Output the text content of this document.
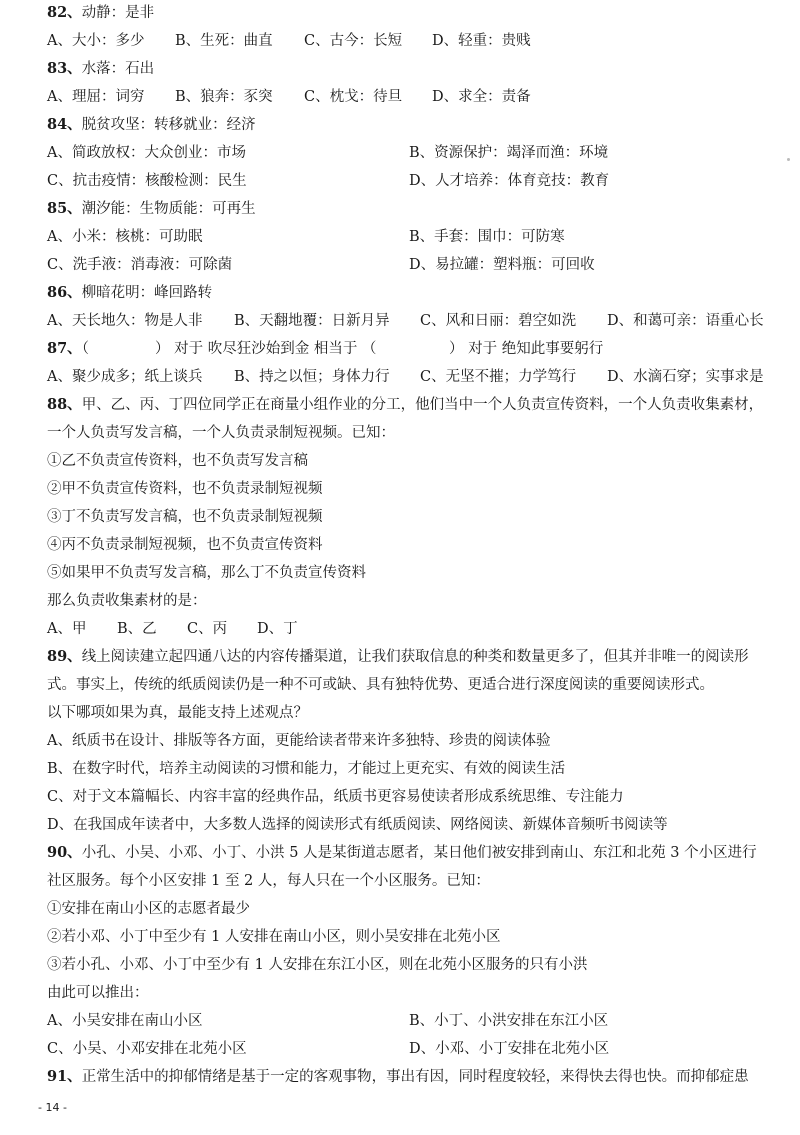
82、动静：是非
A、大小：多少 B、生死：曲直 C、古今：长短 D、轻重：贵贱
83、水落：石出
A、理屈：词穷 B、狼奔：豕突 C、枕戈：待旦 D、求全：责备
84、脱贫攻坚：转移就业：经济
A、简政放权：大众创业：市场	B、资源保护：竭泽而渔：环境
C、抗击疫情：核酸检测：民生	D、人才培养：体育竞技：教育
85、潮汐能：生物质能：可再生
A、小米：核桃：可助眠	B、手套：围巾：可防寒
C、洗手液：消毒液：可除菌	D、易拉罐：塑料瓶：可回收
86、柳暗花明：峰回路转
A、天长地久：物是人非 B、天翻地覆：日新月异 C、风和日丽：碧空如洗 D、和蔼可亲：语重心长
87、（	） 对于 吹尽狂沙始到金 相当于 （	） 对于 绝知此事要躬行
A、聚少成多；纸上谈兵 B、持之以恒；身体力行 C、无坚不摧；力学笃行 D、水滴石穿；实事求是
88、甲、乙、丙、丁四位同学正在商量小组作业的分工，他们当中一个人负责宣传资料，一个人负责收集素材，
一个人负责写发言稿，一个人负责录制短视频。已知：
①乙不负责宣传资料，也不负责写发言稿
②甲不负责宣传资料，也不负责录制短视频
③丁不负责写发言稿，也不负责录制短视频
④丙不负责录制短视频，也不负责宣传资料
⑤如果甲不负责写发言稿，那么丁不负责宣传资料
那么负责收集素材的是：
A、甲 B、乙 C、丙 D、丁
89、线上阅读建立起四通八达的内容传播渠道，让我们获取信息的种类和数量更多了，但其并非唯一的阅读形
式。事实上，传统的纸质阅读仍是一种不可或缺、具有独特优势、更适合进行深度阅读的重要阅读形式。
以下哪项如果为真，最能支持上述观点？
A、纸质书在设计、排版等各方面，更能给读者带来许多独特、珍贵的阅读体验
B、在数字时代，培养主动阅读的习惯和能力，才能过上更充实、有效的阅读生活
C、对于文本篇幅长、内容丰富的经典作品，纸质书更容易使读者形成系统思维、专注能力
D、在我国成年读者中，大多数人选择的阅读形式有纸质阅读、网络阅读、新媒体音频听书阅读等
90、小孔、小吴、小邓、小丁、小洪 5 人是某街道志愿者，某日他们被安排到南山、东江和北苑 3 个小区进行
社区服务。每个小区安排 1 至 2 人，每人只在一个小区服务。已知：
①安排在南山小区的志愿者最少
②若小邓、小丁中至少有 1 人安排在南山小区，则小吴安排在北苑小区
③若小孔、小邓、小丁中至少有 1 人安排在东江小区，则在北苑小区服务的只有小洪
由此可以推出：
A、小吴安排在南山小区	B、小丁、小洪安排在东江小区
C、小吴、小邓安排在北苑小区	D、小邓、小丁安排在北苑小区
91、正常生活中的抑郁情绪是基于一定的客观事物，事出有因，同时程度较轻，来得快去得也快。而抑郁症患
- 14 -
